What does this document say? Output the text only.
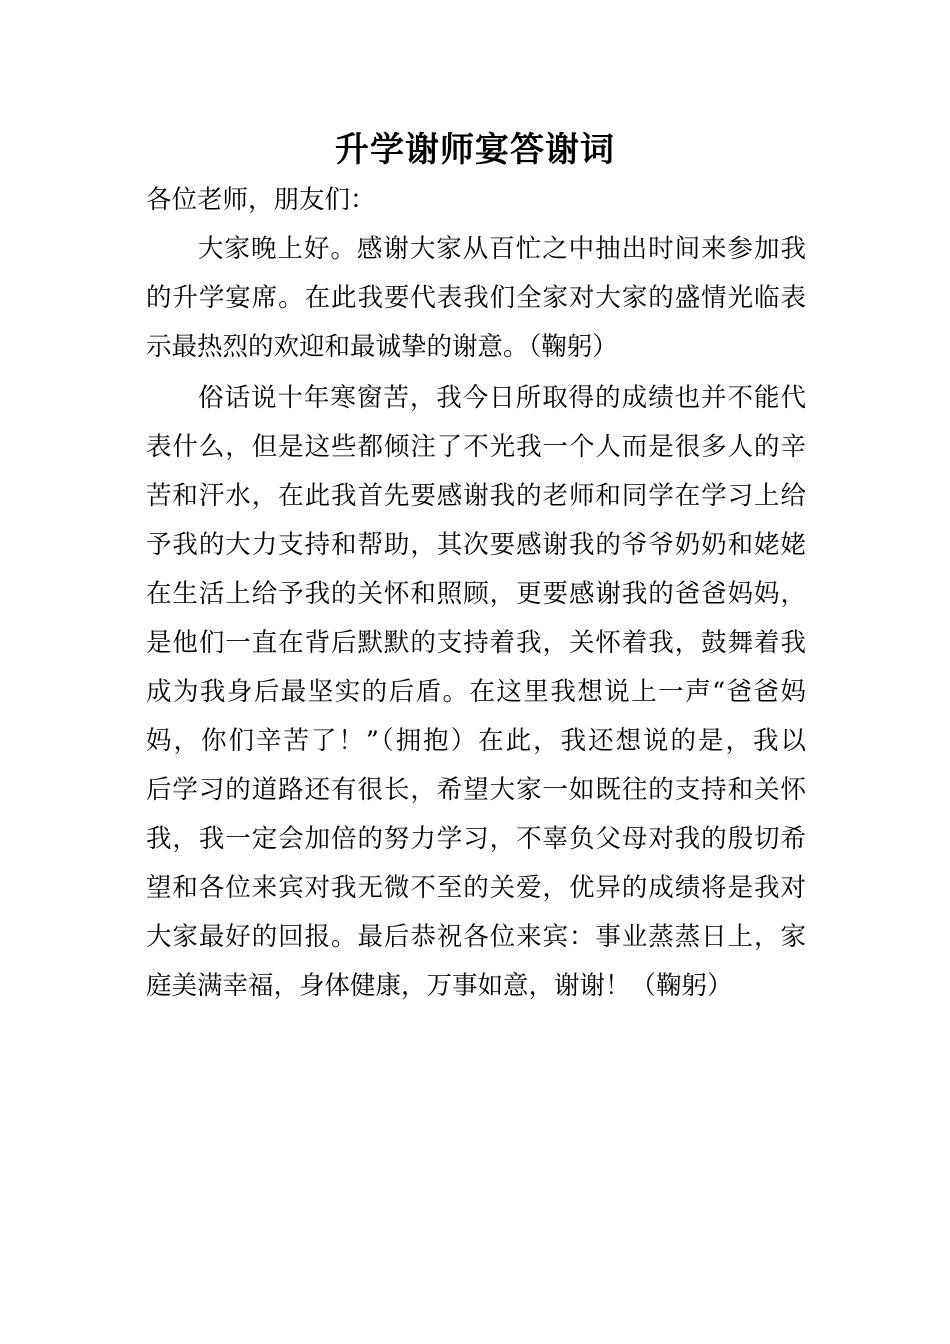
升学谢师宴答谢词
各位老师，朋友们：

大家晚上好。感谢大家从百忙之中抽出时间来参加我

的升学宴席。在此我要代表我们全家对大家的盛情光临表

示最热烈的欢迎和最诚挚的谢意。（鞠躬）

俗话说十年寒窗苦，我今日所取得的成绩也并不能代

表什么，但是这些都倾注了不光我一个人而是很多人的辛

苦和汗水，在此我首先要感谢我的老师和同学在学习上给

予我的大力支持和帮助，其次要感谢我的爷爷奶奶和姥姥

在生活上给予我的关怀和照顾，更要感谢我的爸爸妈妈，

是他们一直在背后默默的支持着我，关怀着我，鼓舞着我

成为我身后最坚实的后盾。在这里我想说上一声“爸爸妈

妈，你们辛苦了！”（拥抱）在此，我还想说的是，我以

后学习的道路还有很长，希望大家一如既往的支持和关怀

我，我一定会加倍的努力学习，不辜负父母对我的殷切希

望和各位来宾对我无微不至的关爱，优异的成绩将是我对

大家最好的回报。最后恭祝各位来宾：事业蒸蒸日上，家

庭美满幸福，身体健康，万事如意，谢谢！（鞠躬）
